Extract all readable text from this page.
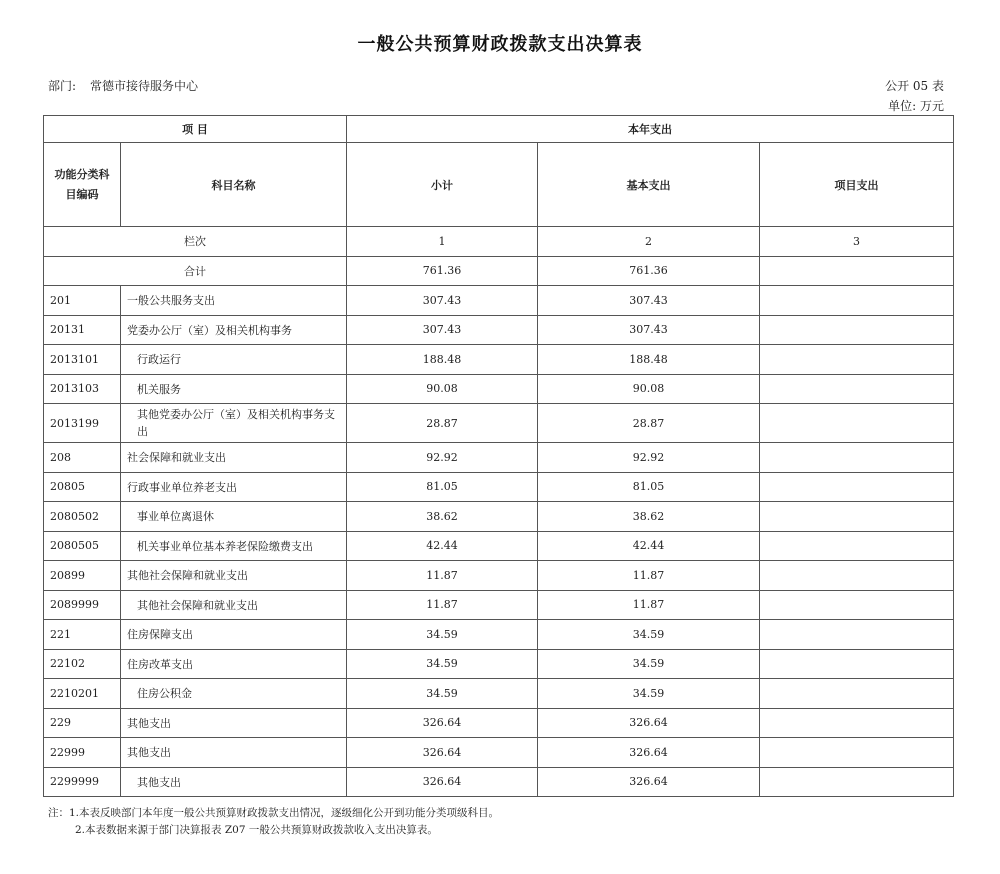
一般公共预算财政拨款支出决算表
部门: 常德市接待服务中心	公开 05 表
单位: 万元
项 目		本年支出		
功能分类科目编码	科目名称	小计	基本支出	项目支出
栏次		1	2	3
合计		761.36	761.36	
201	一般公共服务支出	307.43	307.43	
20131	党委办公厅（室）及相关机构事务	307.43	307.43	
2013101	行政运行	188.48	188.48	
2013103	机关服务	90.08	90.08	
2013199	其他党委办公厅（室）及相关机构事务支出	28.87	28.87	
208	社会保障和就业支出	92.92	92.92	
20805	行政事业单位养老支出	81.05	81.05	
2080502	事业单位离退休	38.62	38.62	
2080505	机关事业单位基本养老保险缴费支出	42.44	42.44	
20899	其他社会保障和就业支出	11.87	11.87	
2089999	其他社会保障和就业支出	11.87	11.87	
221	住房保障支出	34.59	34.59	
22102	住房改革支出	34.59	34.59	
2210201	住房公积金	34.59	34.59	
229	其他支出	326.64	326.64	
22999	其他支出	326.64	326.64	
2299999	其他支出	326.64	326.64	
注：1.本表反映部门本年度一般公共预算财政拨款支出情况，逐级细化公开到功能分类项级科目。
2.本表数据来源于部门决算报表 Z07 一般公共预算财政拨款收入支出决算表。
